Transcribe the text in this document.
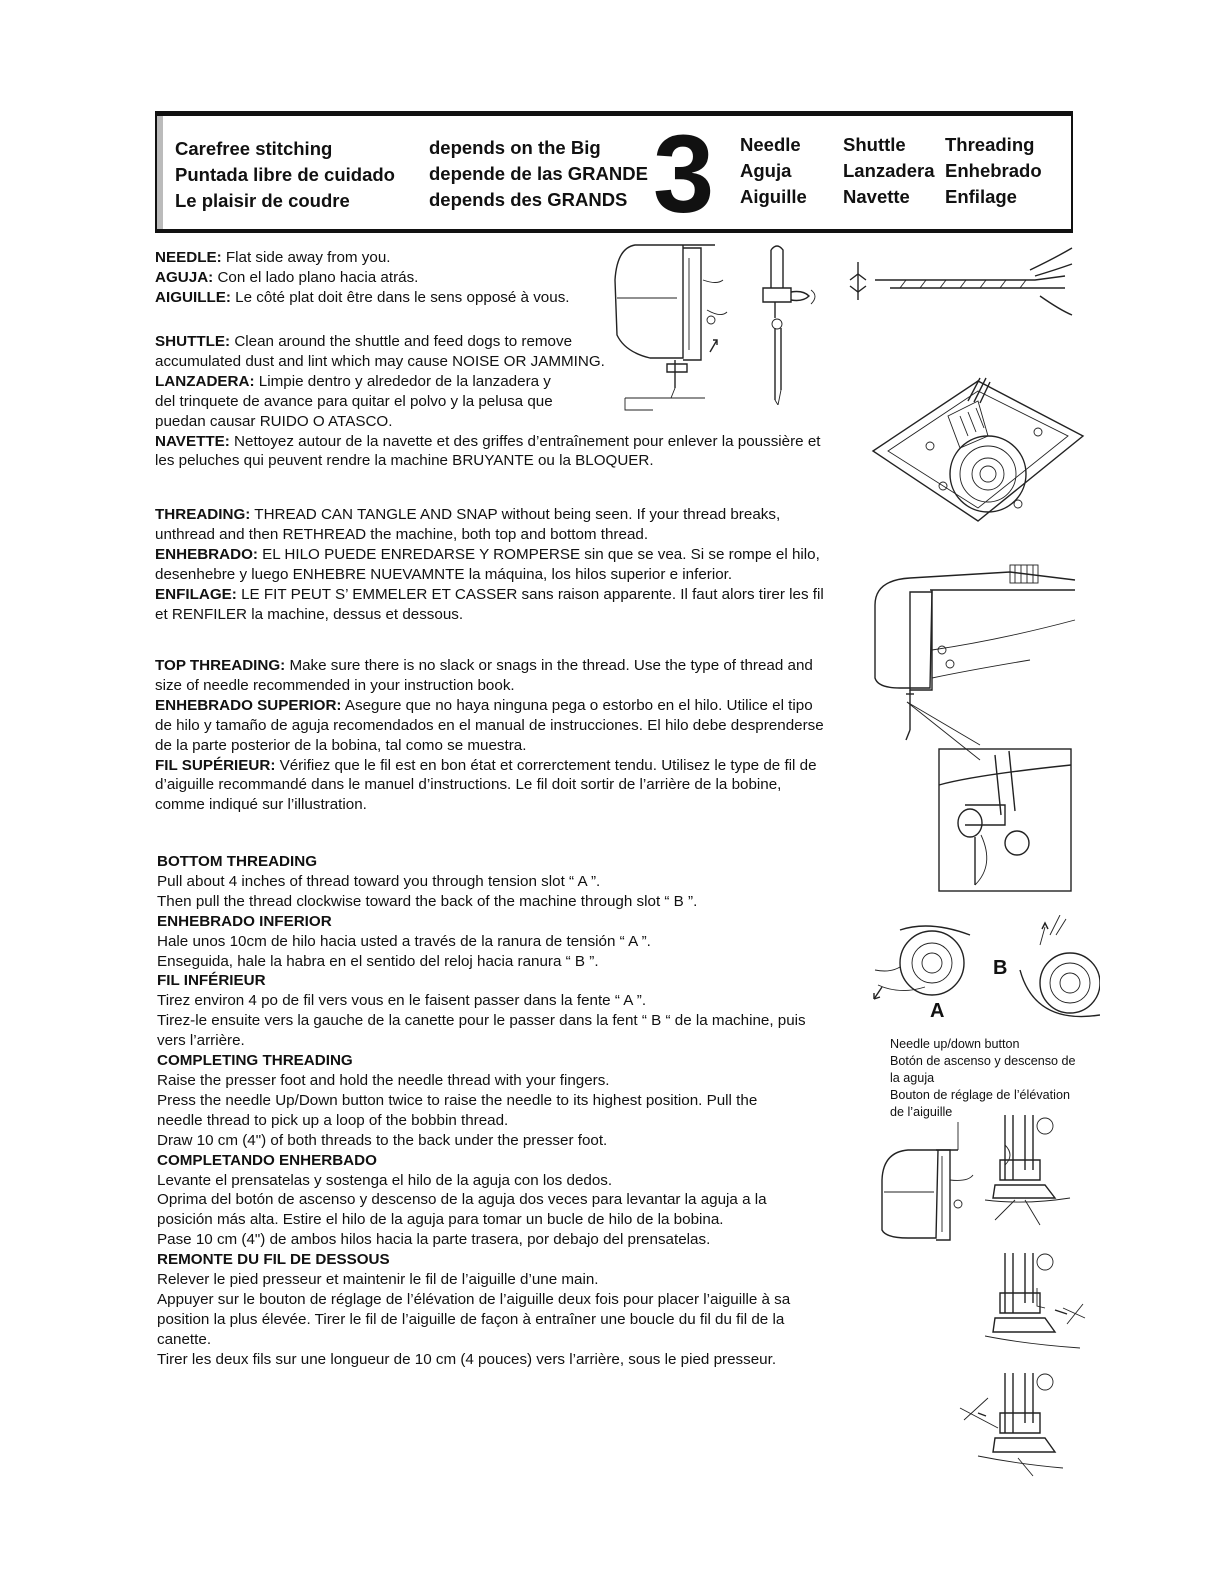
Carefree stitching
Puntada libre de cuidado
Le plaisir de coudre
depends on the Big
depende de las GRANDE
depends des GRANDS 3 Needle
Aguja
Aiguille
Shuttle
Lanzadera
Navette
Threading
Enhebrado
Enfilage
NEEDLE: Flat side away from you.
AGUJA: Con el lado plano hacia atrás.
AIGUILLE: Le côté plat doit être dans le sens opposé à vous.
SHUTTLE: Clean around the shuttle and feed dogs to remove
accumulated dust and lint which may cause NOISE OR JAMMING.
LANZADERA: Limpie dentro y alrededor de la lanzadera y
del trinquete de avance para quitar el polvo y la pelusa que
puedan causar RUIDO O ATASCO.
NAVETTE: Nettoyez autour de la navette et des griffes d’entraînement pour enlever la poussière et
les peluches qui peuvent rendre la machine BRUYANTE ou la BLOQUER.
THREADING: THREAD CAN TANGLE AND SNAP without being seen. If your thread breaks,
unthread and then RETHREAD the machine, both top and bottom thread.
ENHEBRADO: EL HILO PUEDE ENREDARSE Y ROMPERSE sin que se vea. Si se rompe el hilo,
desenhebre y luego ENHEBRE NUEVAMNTE la máquina, los hilos superior e inferior.
ENFILAGE: LE FIT PEUT S’ EMMELER ET CASSER sans raison apparente. Il faut alors tirer les fil
et RENFILER la machine, dessus et dessous.
TOP THREADING: Make sure there is no slack or snags in the thread. Use the type of thread and
size of needle recommended in your instruction book.
ENHEBRADO SUPERIOR: Asegure que no haya ninguna pega o estorbo en el hilo. Utilice el tipo
de hilo y tamaño de aguja recomendados en el manual de instrucciones. El hilo debe desprenderse
de la parte posterior de la bobina, tal como se muestra.
FIL SUPÉRIEUR: Vérifiez que le fil est en bon état et correrctement tendu. Utilisez le type de fil de
d’aiguille recommandé dans le manuel d’instructions. Le fil doit sortir de l’arrière de la bobine,
comme indiqué sur l’illustration.
BOTTOM THREADING
Pull about 4 inches of thread toward you through tension slot “ A ”.
Then pull the thread clockwise toward the back of the machine through slot “ B ”.
ENHEBRADO INFERIOR
Hale unos 10cm de hilo hacia usted a través de la ranura de tensión “ A ”.
Enseguida, hale la habra en el sentido del reloj hacia ranura “ B ”.
FIL INFÉRIEUR
Tirez environ 4 po de fil vers vous en le faisent passer dans la fente “ A ”.
Tirez-le ensuite vers la gauche de la canette pour le passer dans la fent “ B “ de la machine, puis
vers l’arrière.
COMPLETING THREADING
Raise the presser foot and hold the needle thread with your fingers.
Press the needle Up/Down button twice to raise the needle to its highest position. Pull the
needle thread to pick up a loop of the bobbin thread.
Draw 10 cm (4") of both threads to the back under the presser foot.
COMPLETANDO ENHERBADO
Levante el prensatelas y sostenga el hilo de la aguja con los dedos.
Oprima del botón de ascenso y descenso de la aguja dos veces para levantar la aguja a la
posición más alta. Estire el hilo de la aguja para tomar un bucle de hilo de la bobina.
Pase 10 cm (4") de ambos hilos hacia la parte trasera, por debajo del prensatelas.
REMONTE DU FIL DE DESSOUS
Relever le pied presseur et maintenir le fil de l’aiguille d’une main.
Appuyer sur le bouton de réglage de l’élévation de l’aiguille deux fois pour placer l’aiguille à sa
position la plus élevée. Tirer le fil de l’aiguille de façon à entraîner une boucle du fil du fil de la
canette.
Tirer les deux fils sur une longueur de 10 cm (4 pouces) vers l’arrière, sous le pied presseur.
B
A
Needle up/down button
Botón de ascenso y descenso de
la aguja
Bouton de réglage de l’élévation
de l’aiguille
